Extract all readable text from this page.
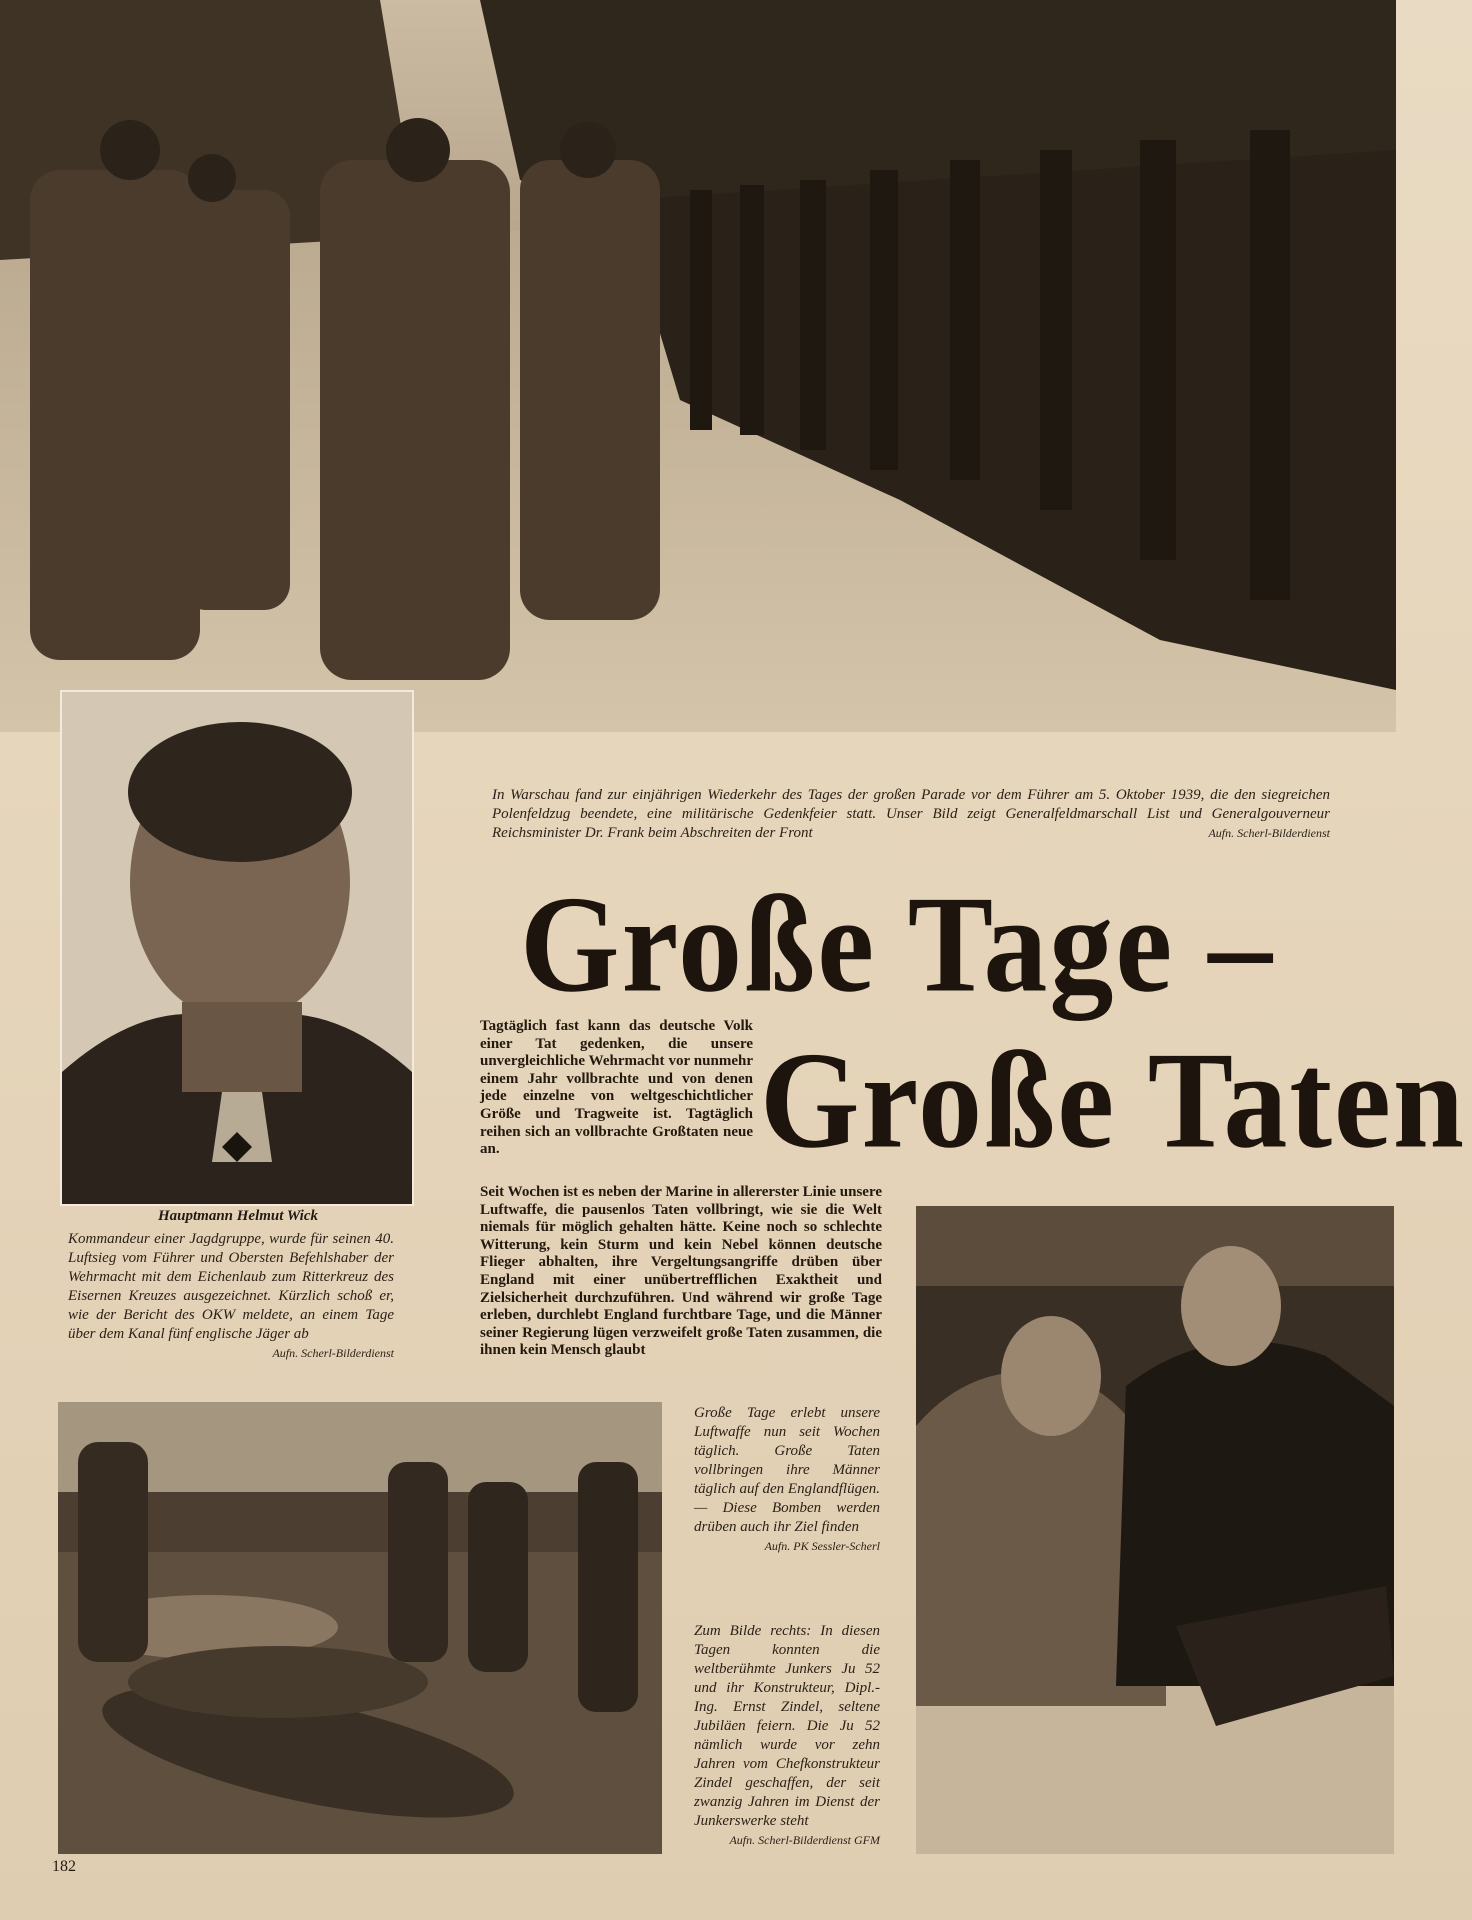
Hauptmann Helmut Wick
Kommandeur einer Jagdgruppe, wurde für seinen 40. Luftsieg vom Führer und Obersten Befehlshaber der Wehrmacht mit dem Eichenlaub zum Ritterkreuz des Eisernen Kreuzes ausgezeichnet. Kürzlich schoß er, wie der Bericht des OKW meldete, an einem Tage über dem Kanal fünf englische Jäger ab
Aufn. Scherl-Bilderdienst
In Warschau fand zur einjährigen Wiederkehr des Tages der großen Parade vor dem Führer am 5. Oktober 1939, die den siegreichen Polenfeldzug beendete, eine militärische Gedenkfeier statt. Unser Bild zeigt Generalfeldmarschall List und Generalgouverneur Reichsminister Dr. Frank beim Abschreiten der Front	Aufn. Scherl-Bilderdienst
Große Tage –
Große Taten
Tagtäglich fast kann das deutsche Volk einer Tat gedenken, die unsere unvergleichliche Wehrmacht vor nunmehr einem Jahr vollbrachte und von denen jede einzelne von weltgeschichtlicher Größe und Tragweite ist. Tagtäglich reihen sich an vollbrachte Großtaten neue an.
Seit Wochen ist es neben der Marine in allererster Linie unsere Luftwaffe, die pausenlos Taten vollbringt, wie sie die Welt niemals für möglich gehalten hätte. Keine noch so schlechte Witterung, kein Sturm und kein Nebel können deutsche Flieger abhalten, ihre Vergeltungsangriffe drüben über England mit einer unübertrefflichen Exaktheit und Zielsicherheit durchzuführen. Und während wir große Tage erleben, durchlebt England furchtbare Tage, und die Männer seiner Regierung lügen verzweifelt große Taten zusammen, die ihnen kein Mensch glaubt
Große Tage erlebt unsere Luftwaffe nun seit Wochen täglich. Große Taten vollbringen ihre Männer täglich auf den Englandflügen. — Diese Bomben werden drüben auch ihr Ziel finden
Aufn. PK Sessler-Scherl
Zum Bilde rechts: In diesen Tagen konnten die weltberühmte Junkers Ju 52 und ihr Konstrukteur, Dipl.-Ing. Ernst Zindel, seltene Jubiläen feiern. Die Ju 52 nämlich wurde vor zehn Jahren vom Chefkonstrukteur Zindel geschaffen, der seit zwanzig Jahren im Dienst der Junkerswerke steht
Aufn. Scherl-Bilderdienst GFM
182
